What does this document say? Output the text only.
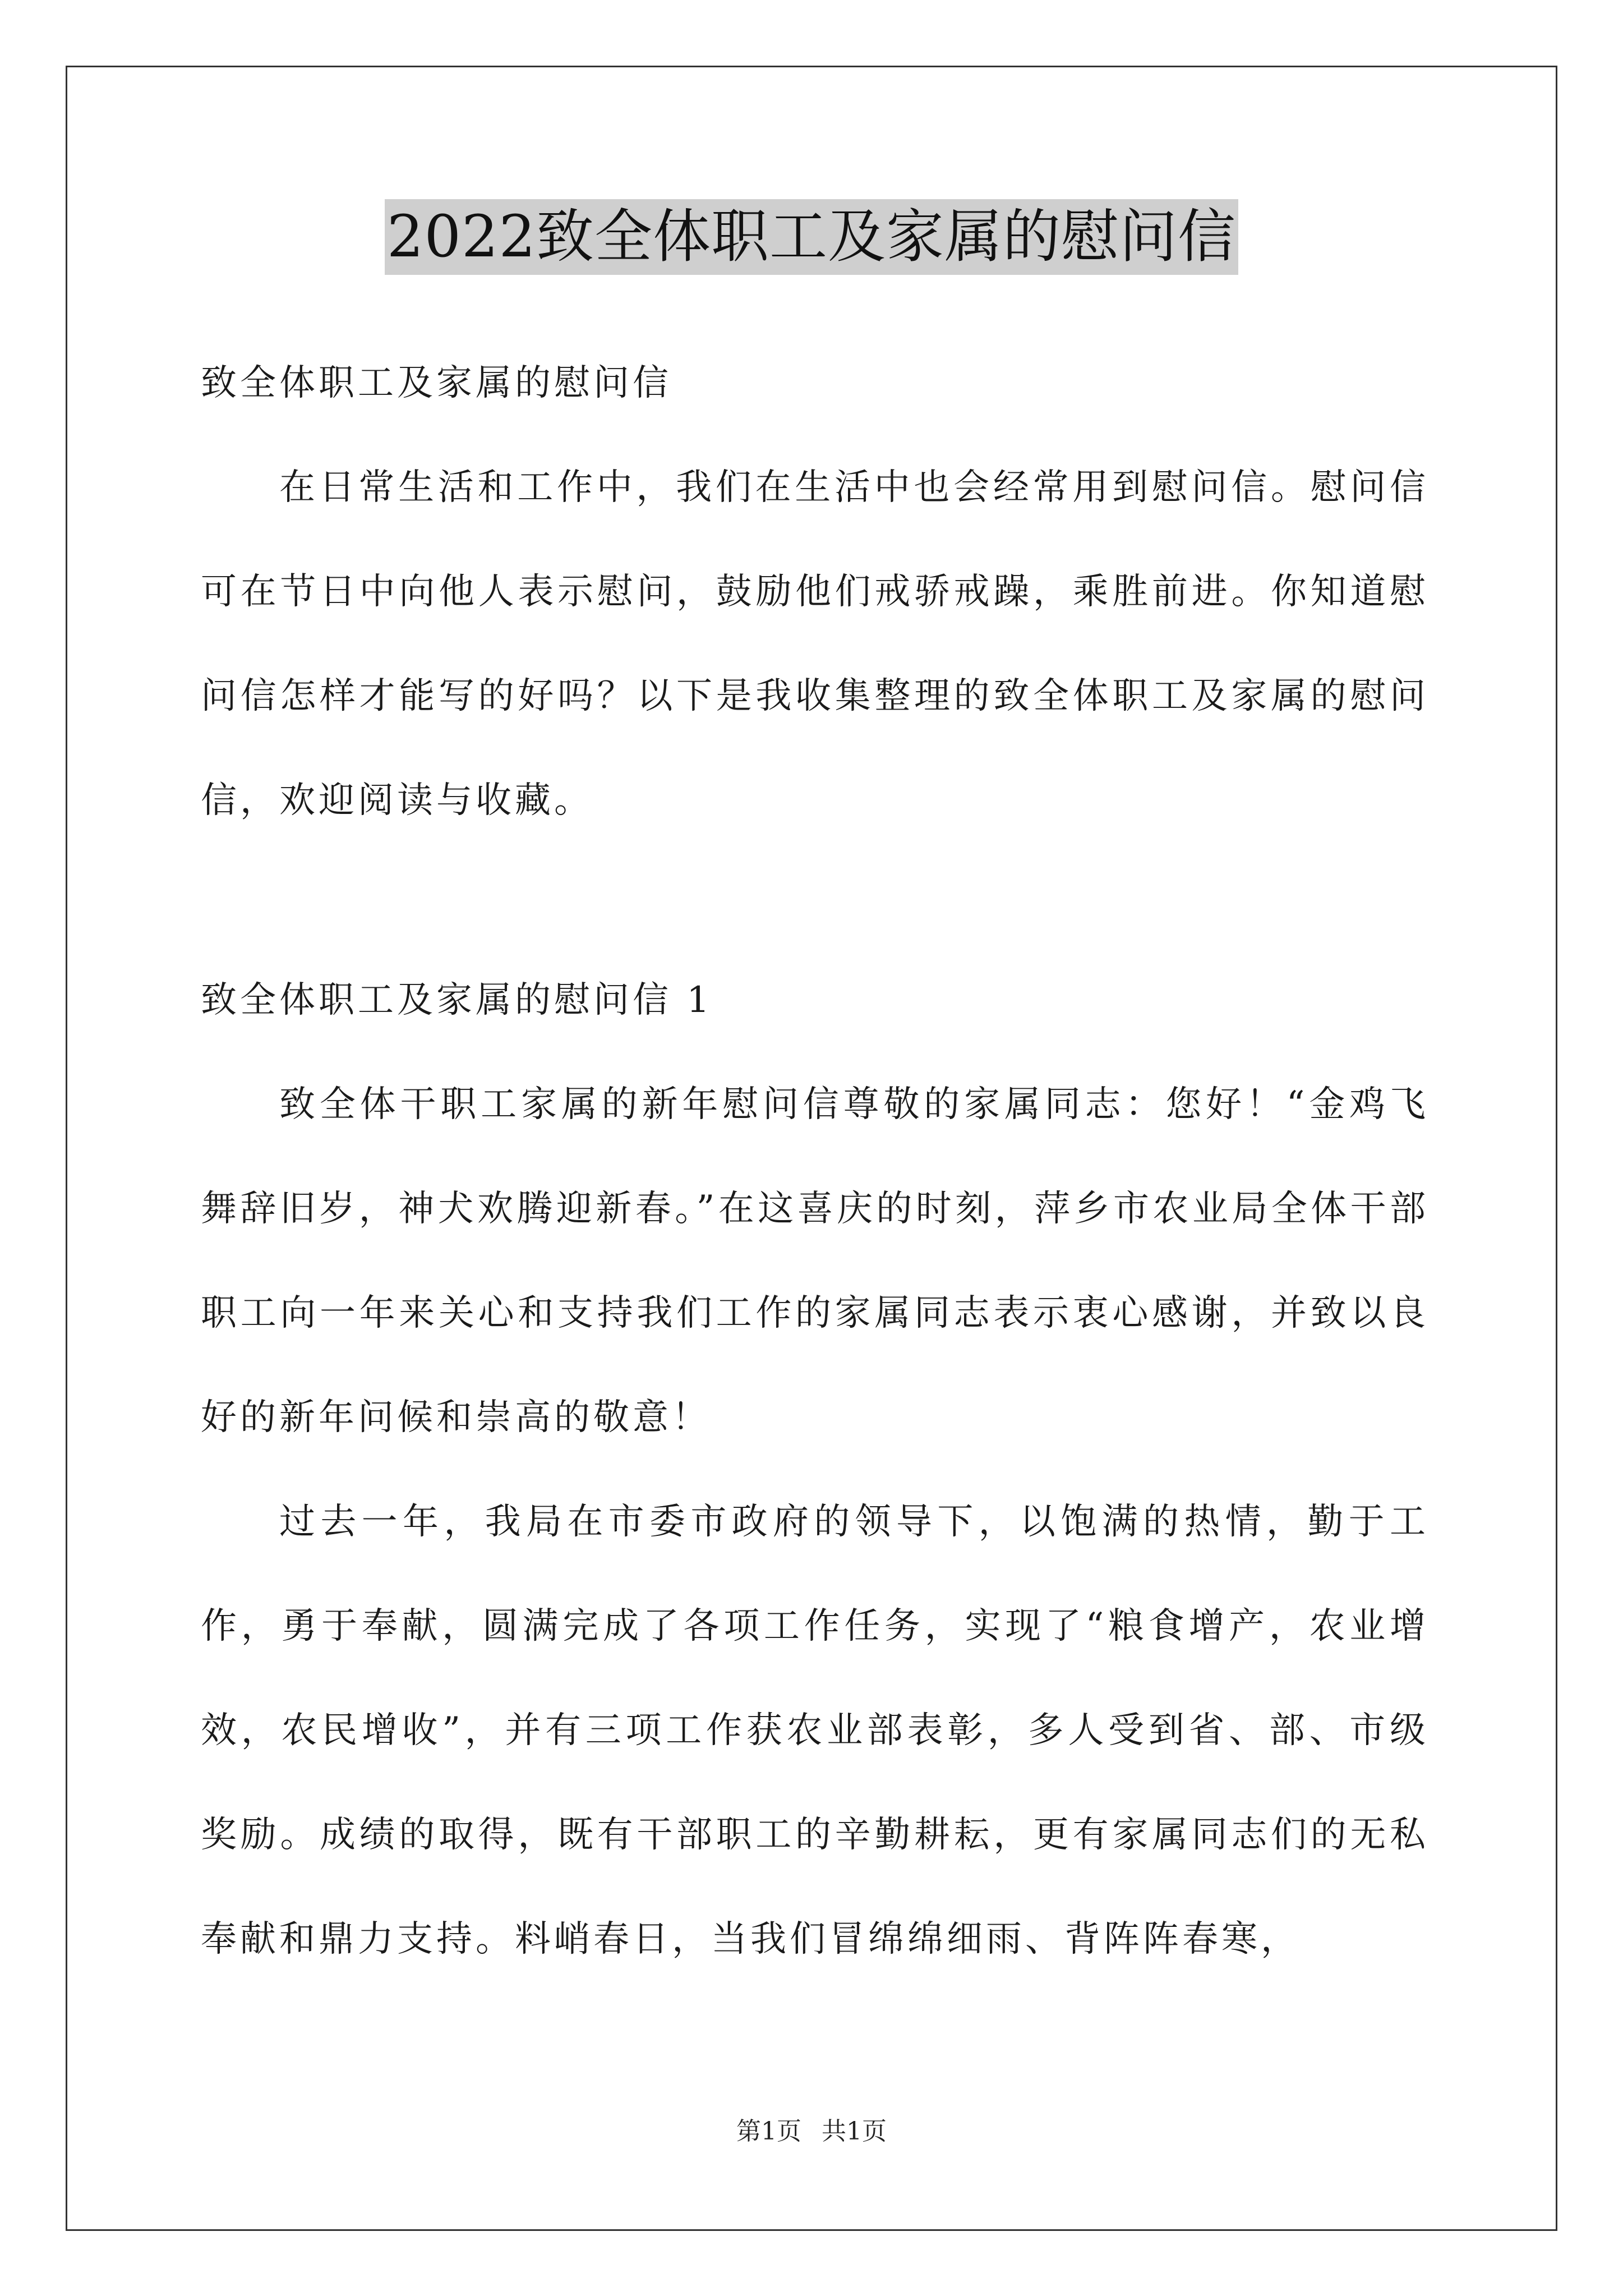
2022致全体职工及家属的慰问信

致全体职工及家属的慰问信

在日常生活和工作中，我们在生活中也会经常用到慰问信。慰问信可在节日中向他人表示慰问，鼓励他们戒骄戒躁，乘胜前进。你知道慰问信怎样才能写的好吗？以下是我收集整理的致全体职工及家属的慰问信，欢迎阅读与收藏。

致全体职工及家属的慰问信 1

致全体干职工家属的新年慰问信尊敬的家属同志：您好！“金鸡飞舞辞旧岁，神犬欢腾迎新春。”在这喜庆的时刻，萍乡市农业局全体干部职工向一年来关心和支持我们工作的家属同志表示衷心感谢，并致以良好的新年问候和崇高的敬意！

过去一年，我局在市委市政府的领导下，以饱满的热情，勤于工作，勇于奉献，圆满完成了各项工作任务，实现了“粮食增产，农业增效，农民增收”，并有三项工作获农业部表彰，多人受到省、部、市级奖励。成绩的取得，既有干部职工的辛勤耕耘，更有家属同志们的无私奉献和鼎力支持。料峭春日，当我们冒绵绵细雨、背阵阵春寒，

第1页 共1页
